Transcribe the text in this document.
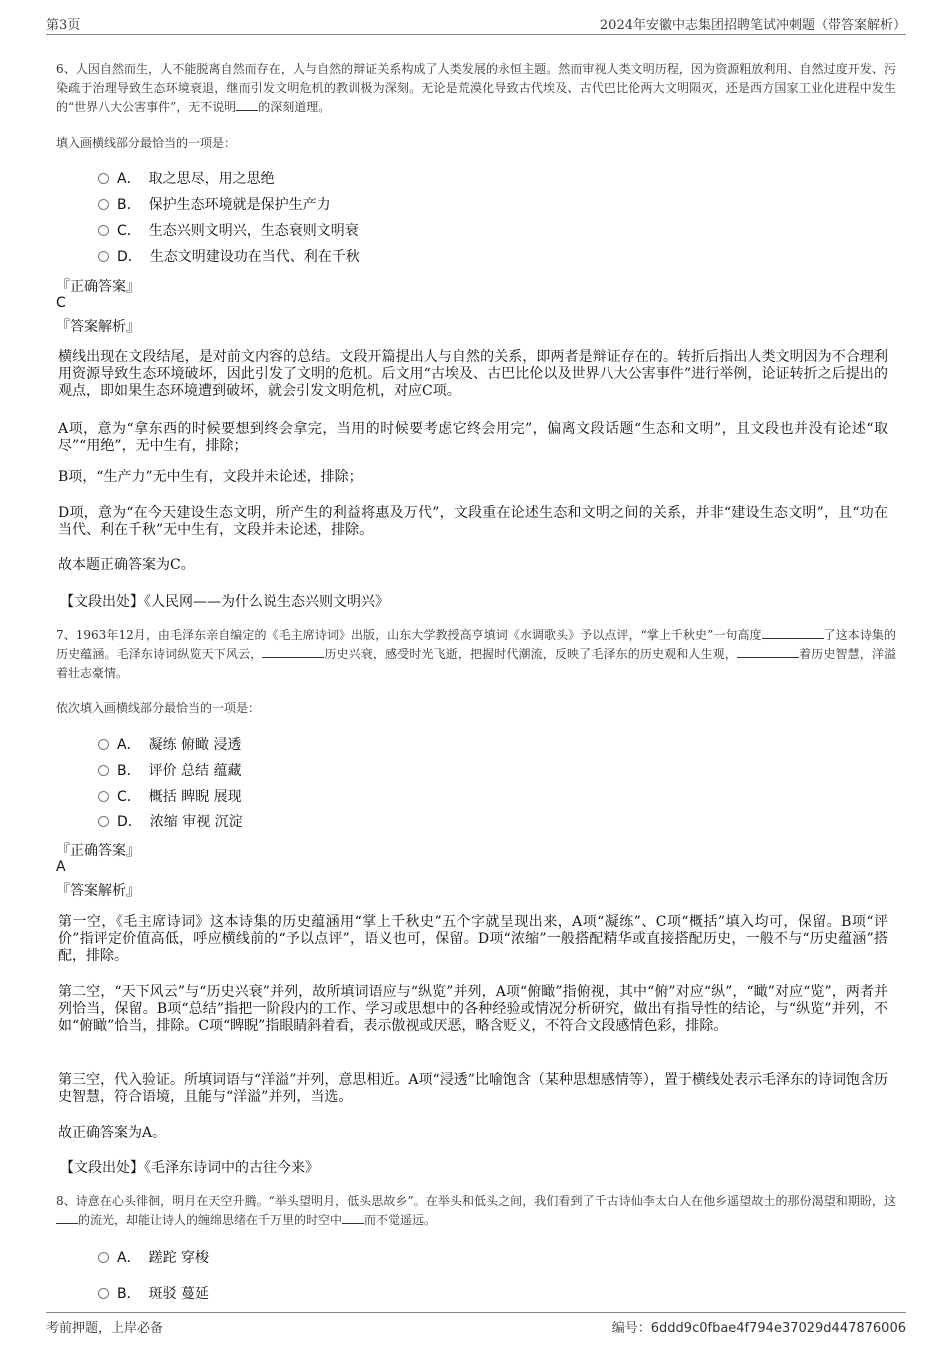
第3页	2024年安徽中志集团招聘笔试冲刺题（带答案解析）
6、人因自然而生，人不能脱离自然而存在，人与自然的辩证关系构成了人类发展的永恒主题。然而审视人类文明历程，因为资源粗放利用、自然过度开发、污染疏于治理导致生态环境衰退，继而引发文明危机的教训极为深刻。无论是荒漠化导致古代埃及、古代巴比伦两大文明陨灭，还是西方国家工业化进程中发生的“世界八大公害事件”，无不说明 的深刻道理。
填入画横线部分最恰当的一项是：
A． 取之思尽，用之思绝
B． 保护生态环境就是保护生产力
C． 生态兴则文明兴，生态衰则文明衰
D． 生态文明建设功在当代、利在千秋
『正确答案』
C
『答案解析』
横线出现在文段结尾，是对前文内容的总结。文段开篇提出人与自然的关系，即两者是辩证存在的。转折后指出人类文明因为不合理利用资源导致生态环境破坏，因此引发了文明的危机。后文用“古埃及、古巴比伦以及世界八大公害事件”进行举例，论证转折之后提出的观点，即如果生态环境遭到破坏，就会引发文明危机，对应C项。
A项，意为“拿东西的时候要想到终会拿完，当用的时候要考虑它终会用完”，偏离文段话题“生态和文明”，且文段也并没有论述“取尽”“用绝”，无中生有，排除；
B项，“生产力”无中生有，文段并未论述，排除；
D项，意为“在今天建设生态文明，所产生的利益将惠及万代”，文段重在论述生态和文明之间的关系，并非“建设生态文明”，且“功在当代、利在千秋”无中生有，文段并未论述，排除。
故本题正确答案为C。
【文段出处】《人民网——为什么说生态兴则文明兴》
7、1963年12月，由毛泽东亲自编定的《毛主席诗词》出版，山东大学教授高亨填词《水调歌头》予以点评，“掌上千秋史”一句高度	了这本诗集的历史蕴涵。毛泽东诗词纵览天下风云，	历史兴衰，感受时光飞逝，把握时代潮流，反映了毛泽东的历史观和人生观，	着历史智慧，洋溢着壮志豪情。
依次填入画横线部分最恰当的一项是：
A． 凝练 俯瞰 浸透
B． 评价 总结 蕴藏
C． 概括 睥睨 展现
D． 浓缩 审视 沉淀
『正确答案』
A
『答案解析』
第一空，《毛主席诗词》这本诗集的历史蕴涵用“掌上千秋史”五个字就呈现出来，A项“凝练”、C项“概括”填入均可，保留。B项“评价”指评定价值高低，呼应横线前的“予以点评”，语义也可，保留。D项“浓缩”一般搭配精华或直接搭配历史，一般不与“历史蕴涵”搭配，排除。
第二空，“天下风云”与“历史兴衰”并列，故所填词语应与“纵览”并列，A项“俯瞰”指俯视，其中“俯”对应“纵”，“瞰”对应“览”，两者并列恰当，保留。B项“总结”指把一阶段内的工作、学习或思想中的各种经验或情况分析研究，做出有指导性的结论，与“纵览”并列，不如“俯瞰”恰当，排除。C项“睥睨”指眼睛斜着看，表示傲视或厌恶，略含贬义，不符合文段感情色彩，排除。
第三空，代入验证。所填词语与“洋溢”并列，意思相近。A项“浸透”比喻饱含（某种思想感情等），置于横线处表示毛泽东的诗词饱含历史智慧，符合语境，且能与“洋溢”并列，当选。
故正确答案为A。
【文段出处】《毛泽东诗词中的古往今来》
8、诗意在心头徘徊，明月在天空升腾。“举头望明月，低头思故乡”。在举头和低头之间，我们看到了千古诗仙李太白人在他乡遥望故土的那份渴望和期盼，这的流光，却能让诗人的缠绵思绪在千万里的时空中 而不觉遥远。
A． 蹉跎 穿梭
B． 斑驳 蔓延
考前押题，上岸必备	编号：6ddd9c0fbae4f794e37029d447876006
